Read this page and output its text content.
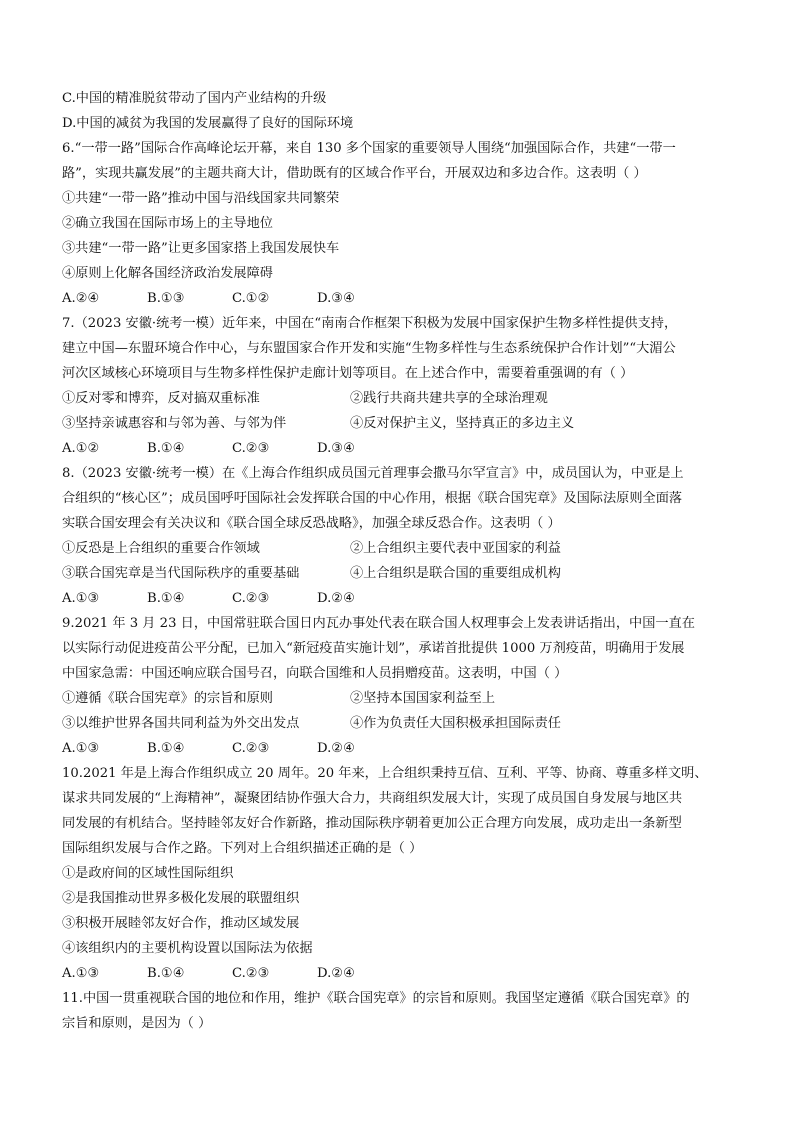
C.中国的精准脱贫带动了国内产业结构的升级
D.中国的减贫为我国的发展赢得了良好的国际环境
6.“一带一路”国际合作高峰论坛开幕，来自 130 多个国家的重要领导人围绕“加强国际合作，共建“一带一
路”，实现共赢发展”的主题共商大计，借助既有的区域合作平台，开展双边和多边合作。这表明（ ）
①共建“一带一路”推动中国与沿线国家共同繁荣
②确立我国在国际市场上的主导地位
③共建“一带一路”让更多国家搭上我国发展快车
④原则上化解各国经济政治发展障碍
A.②④	B.①③	C.①②	D.③④
7.（2023 安徽·统考一模）近年来，中国在“南南合作框架下积极为发展中国家保护生物多样性提供支持，
建立中国—东盟环境合作中心，与东盟国家合作开发和实施“生物多样性与生态系统保护合作计划”“大湄公
河次区域核心环境项目与生物多样性保护走廊计划等项目。在上述合作中，需要着重强调的有（ ）
①反对零和博弈，反对搞双重标准	②践行共商共建共享的全球治理观
③坚持亲诚惠容和与邻为善、与邻为伴	④反对保护主义，坚持真正的多边主义
A.①②	B.①④	C.②③	D.③④
8.（2023 安徽·统考一模）在《上海合作组织成员国元首理事会撒马尔罕宣言》中，成员国认为，中亚是上
合组织的“核心区”；成员国呼吁国际社会发挥联合国的中心作用，根据《联合国宪章》及国际法原则全面落
实联合国安理会有关决议和《联合国全球反恐战略》，加强全球反恐合作。这表明（ ）
①反恐是上合组织的重要合作领域	②上合组织主要代表中亚国家的利益
③联合国宪章是当代国际秩序的重要基础	④上合组织是联合国的重要组成机构
A.①③	B.①④	C.②③	D.②④
9.2021 年 3 月 23 日，中国常驻联合国日内瓦办事处代表在联合国人权理事会上发表讲话指出，中国一直在
以实际行动促进疫苗公平分配，已加入“新冠疫苗实施计划”，承诺首批提供 1000 万剂疫苗，明确用于发展
中国家急需：中国还响应联合国号召，向联合国维和人员捐赠疫苗。这表明，中国（ ）
①遵循《联合国宪章》的宗旨和原则	②坚持本国国家利益至上
③以维护世界各国共同利益为外交出发点	④作为负责任大国积极承担国际责任
A.①③	B.①④	C.②③	D.②④
10.2021 年是上海合作组织成立 20 周年。20 年来，上合组织秉持互信、互利、平等、协商、尊重多样文明、
谋求共同发展的“上海精神”，凝聚团结协作强大合力，共商组织发展大计，实现了成员国自身发展与地区共
同发展的有机结合。坚持睦邻友好合作新路，推动国际秩序朝着更加公正合理方向发展，成功走出一条新型
国际组织发展与合作之路。下列对上合组织描述正确的是（ ）
①是政府间的区域性国际组织
②是我国推动世界多极化发展的联盟组织
③积极开展睦邻友好合作，推动区域发展
④该组织内的主要机构设置以国际法为依据
A.①③	B.①④	C.②③	D.②④
11.中国一贯重视联合国的地位和作用，维护《联合国宪章》的宗旨和原则。我国坚定遵循《联合国宪章》的
宗旨和原则，是因为（ ）
